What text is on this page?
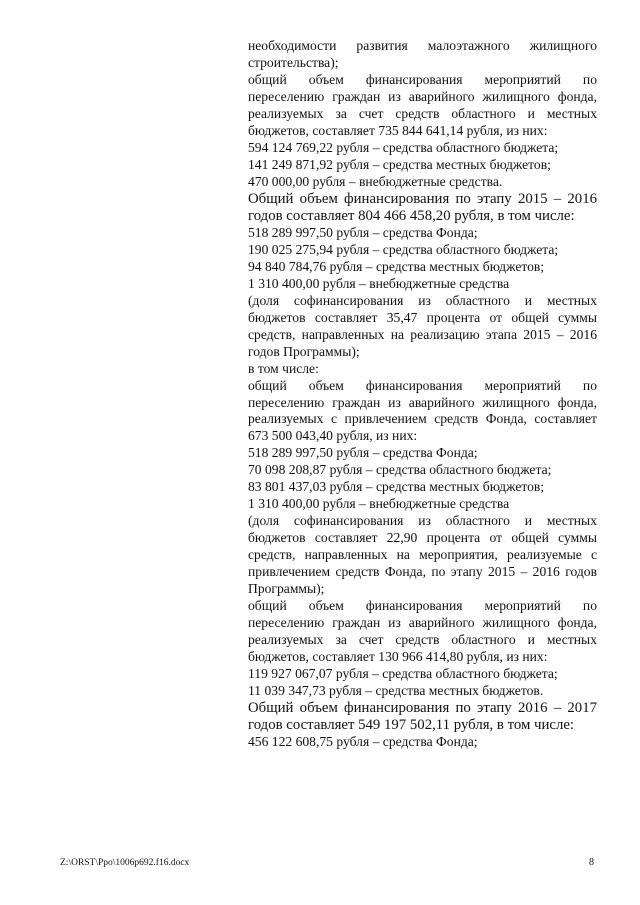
необходимости развития малоэтажного жилищного строительства);

общий объем финансирования мероприятий по переселению граждан из аварийного жилищного фонда, реализуемых за счет средств областного и местных бюджетов, составляет 735 844 641,14 рубля, из них:

594 124 769,22 рубля – средства областного бюджета;

141 249 871,92 рубля – средства местных бюджетов;

470 000,00 рубля – внебюджетные средства.

Общий объем финансирования по этапу 2015 – 2016 годов составляет 804 466 458,20 рубля, в том числе:

518 289 997,50 рубля – средства Фонда;

190 025 275,94 рубля – средства областного бюджета;

94 840 784,76 рубля – средства местных бюджетов;

1 310 400,00 рубля – внебюджетные средства

(доля софинансирования из областного и местных бюджетов составляет 35,47 процента от общей суммы средств, направленных на реализацию этапа 2015 – 2016 годов Программы);

в том числе:

общий объем финансирования мероприятий по переселению граждан из аварийного жилищного фонда, реализуемых с привлечением средств Фонда, составляет 673 500 043,40 рубля, из них:

518 289 997,50 рубля – средства Фонда;

70 098 208,87 рубля – средства областного бюджета;

83 801 437,03 рубля – средства местных бюджетов;

1 310 400,00 рубля – внебюджетные средства

(доля софинансирования из областного и местных бюджетов составляет 22,90 процента от общей суммы средств, направленных на мероприятия, реализуемые с привлечением средств Фонда, по этапу 2015 – 2016 годов Программы);

общий объем финансирования мероприятий по переселению граждан из аварийного жилищного фонда, реализуемых за счет средств областного и местных бюджетов, составляет 130 966 414,80 рубля, из них:

119 927 067,07 рубля – средства областного бюджета;

11 039 347,73 рубля – средства местных бюджетов.

Общий объем финансирования по этапу 2016 – 2017 годов составляет 549 197 502,11 рубля, в том числе:

456 122 608,75 рубля – средства Фонда;

Z:\ORST\Ppo\1006p692.f16.docx	8
